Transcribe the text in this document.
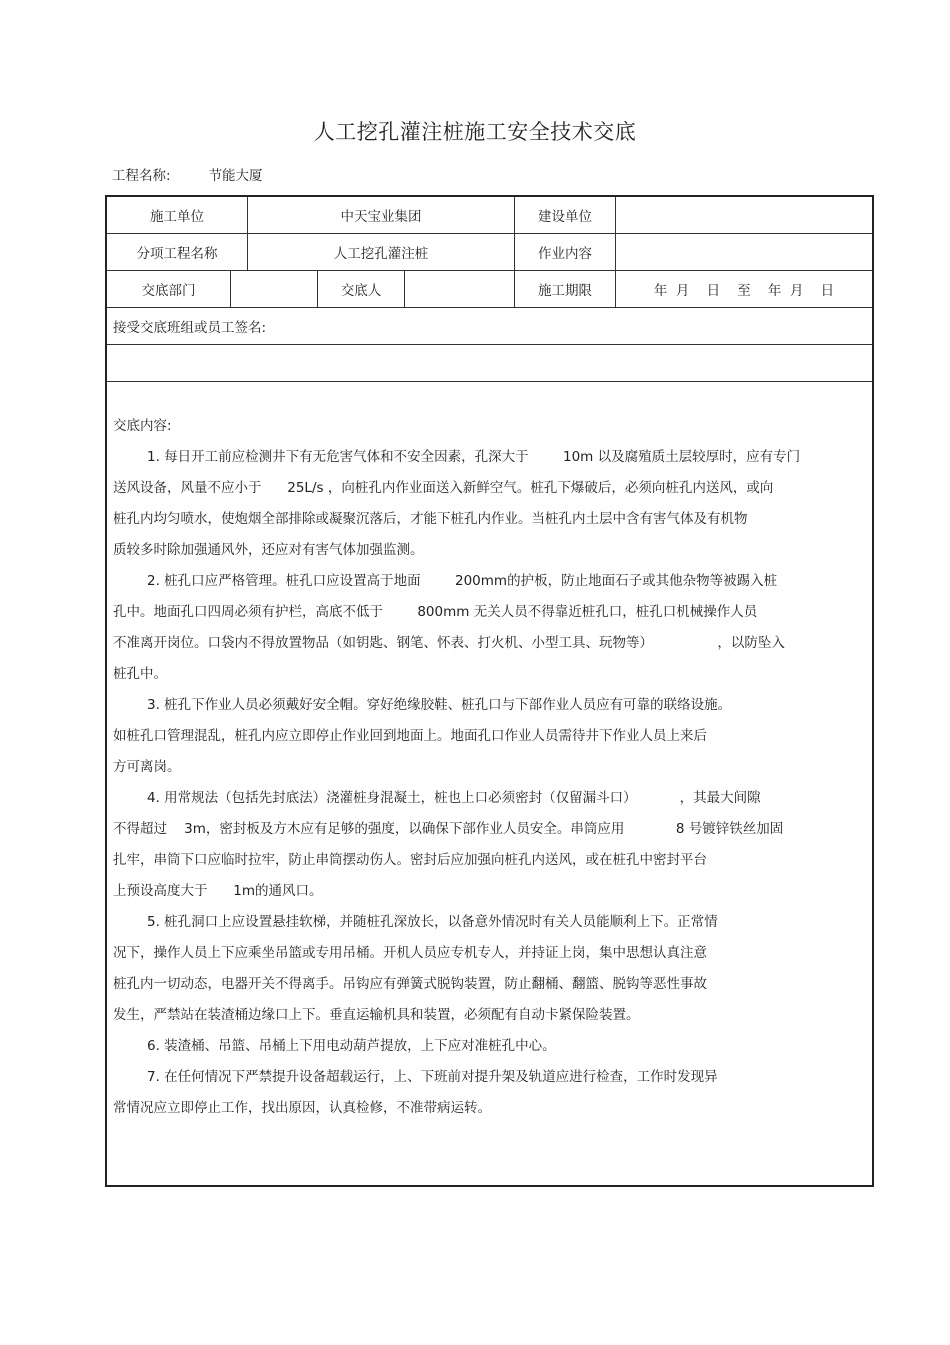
人工挖孔灌注桩施工安全技术交底
工程名称:	节能大厦
施工单位	中天宝业集团	建设单位
分项工程名称	人工挖孔灌注桩	作业内容
交底部门	交底人	施工期限	年  月    日    至    年  月    日
接受交底班组或员工签名:
交底内容:
1. 每日开工前应检测井下有无危害气体和不安全因素，孔深大于        10m 以及腐殖质土层较厚时，应有专门
送风设备，风量不应小于      25L/s ，向桩孔内作业面送入新鲜空气。桩孔下爆破后，必须向桩孔内送风，或向
桩孔内均匀喷水，使炮烟全部排除或凝聚沉落后，才能下桩孔内作业。当桩孔内土层中含有害气体及有机物
质较多时除加强通风外，还应对有害气体加强监测。
2. 桩孔口应严格管理。桩孔口应设置高于地面        200mm的护板，防止地面石子或其他杂物等被踢入桩
孔中。地面孔口四周必须有护栏，高底不低于        800mm 无关人员不得靠近桩孔口，桩孔口机械操作人员
不准离开岗位。口袋内不得放置物品（如钥匙、钢笔、怀表、打火机、小型工具、玩物等）               ，以防坠入
桩孔中。
3. 桩孔下作业人员必须戴好安全帽。穿好绝缘胶鞋、桩孔口与下部作业人员应有可靠的联络设施。
如桩孔口管理混乱，桩孔内应立即停止作业回到地面上。地面孔口作业人员需待井下作业人员上来后
方可离岗。
4. 用常规法（包括先封底法）浇灌桩身混凝土，桩也上口必须密封（仅留漏斗口）          ，其最大间隙
不得超过    3m，密封板及方木应有足够的强度，以确保下部作业人员安全。串筒应用            8 号镀锌铁丝加固
扎牢，串筒下口应临时拉牢，防止串筒摆动伤人。密封后应加强向桩孔内送风，或在桩孔中密封平台
上预设高度大于      1m的通风口。
5. 桩孔洞口上应设置悬挂软梯，并随桩孔深放长，以备意外情况时有关人员能顺利上下。正常情
况下，操作人员上下应乘坐吊篮或专用吊桶。开机人员应专机专人，并持证上岗，集中思想认真注意
桩孔内一切动态，电器开关不得离手。吊钩应有弹簧式脱钩装置，防止翻桶、翻篮、脱钩等恶性事故
发生，严禁站在装渣桶边缘口上下。垂直运输机具和装置，必须配有自动卡紧保险装置。
6. 装渣桶、吊篮、吊桶上下用电动葫芦提放，上下应对准桩孔中心。
7. 在任何情况下严禁提升设备超载运行，上、下班前对提升架及轨道应进行检查，工作时发现异
常情况应立即停止工作，找出原因，认真检修，不准带病运转。
